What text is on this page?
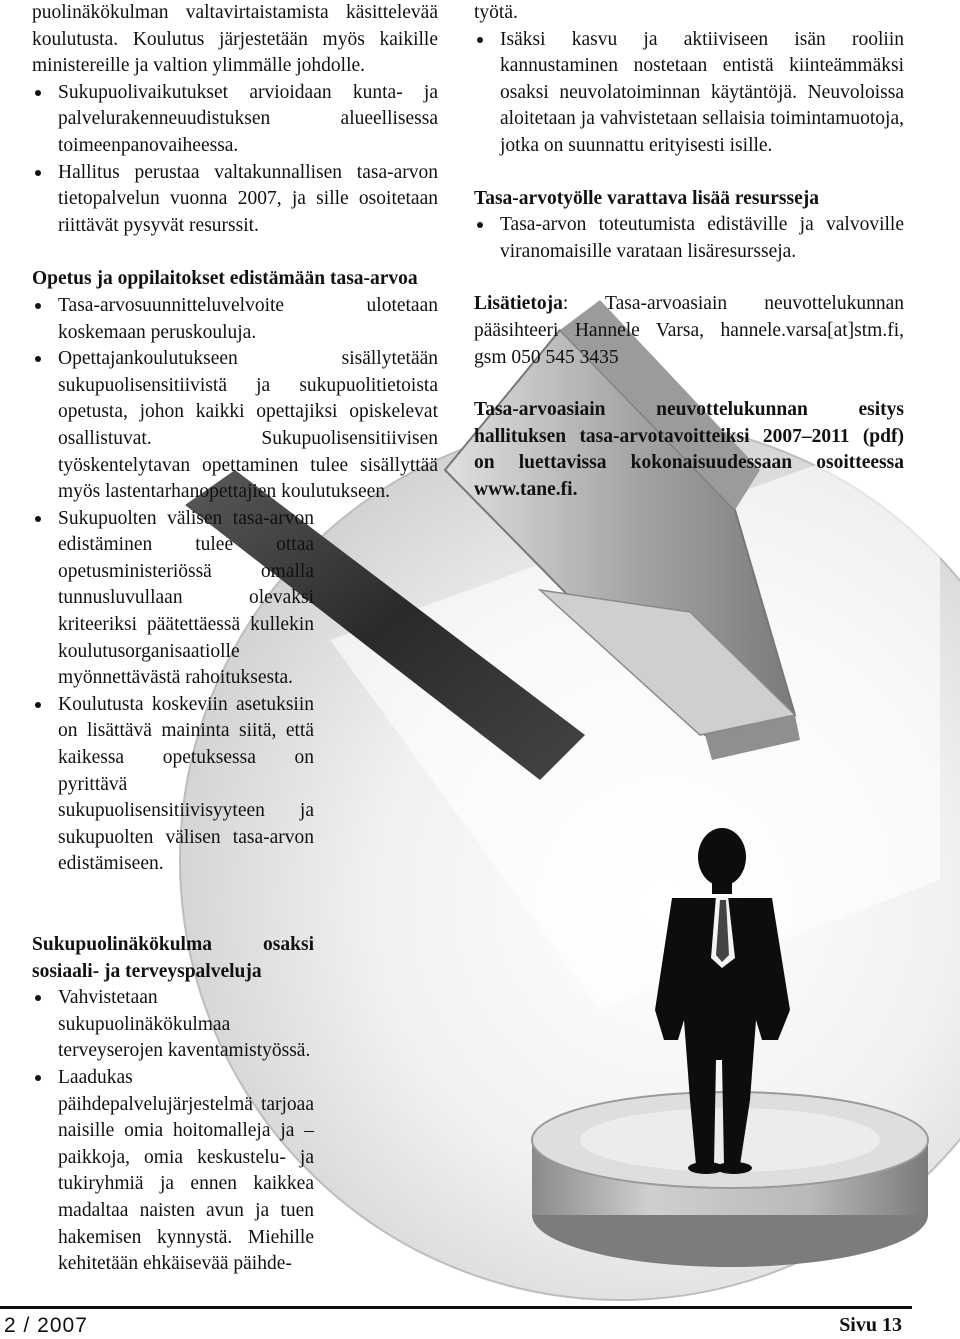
puolinäkökulman valtavirtaistamista käsittelevää koulutusta. Koulutus järjestetään myös kaikille ministereille ja valtion ylimmälle johdolle.

Sukupuolivaikutukset arvioidaan kunta- ja palvelurakenneuudistuksen alueellisessa toimeenpanovaiheessa.
Hallitus perustaa valtakunnallisen tasa-arvon tietopalvelun vuonna 2007, ja sille osoitetaan riittävät pysyvät resurssit.

Opetus ja oppilaitokset edistämään tasa-arvoa

Tasa-arvosuunnitteluvelvoite ulotetaan koskemaan peruskouluja.
Opettajankoulutukseen sisällytetään sukupuolisensitiivistä ja sukupuolitietoista opetusta, johon kaikki opettajiksi opiskelevat osallistuvat. Sukupuolisensitiivisen työskentelytavan opettaminen tulee sisällyttää myös lastentarhanopettajien koulutukseen.
Sukupuolten välisen tasa-arvon edistäminen tulee ottaa opetusministeriössä omalla tunnusluvullaan olevaksi kriteeriksi päätettäessä kullekin koulutusorganisaatiolle myönnettävästä rahoituksesta.
Koulutusta koskeviin asetuksiin on lisättävä maininta siitä, että kaikessa opetuksessa on pyrittävä sukupuolisensitiivisyyteen ja sukupuolten välisen tasa-arvon edistämiseen.

Sukupuolinäkökulma osaksi sosiaali- ja terveyspalveluja

Vahvistetaan sukupuolinäkökulmaa terveyserojen kaventamistyössä.
Laadukas päihdepalvelujärjestelmä tarjoaa naisille omia hoitomalleja ja –paikkoja, omia keskustelu- ja tukiryhmiä ja ennen kaikkea madaltaa naisten avun ja tuen hakemisen kynnystä. Miehille kehitetään ehkäisevää päihde-

työtä.

Isäksi kasvu ja aktiiviseen isän rooliin kannustaminen nostetaan entistä kiinteämmäksi osaksi neuvolatoiminnan käytäntöjä. Neuvoloissa aloitetaan ja vahvistetaan sellaisia toimintamuotoja, jotka on suunnattu erityisesti isille.

Tasa-arvotyölle varattava lisää resursseja

Tasa-arvon toteutumista edistäville ja valvoville viranomaisille varataan lisäresursseja.

Lisätietoja: Tasa-arvoasiain neuvottelukunnan pääsihteeri Hannele Varsa, hannele.varsa[at]stm.fi, gsm 050 545 3435

Tasa-arvoasiain neuvottelukunnan esitys hallituksen tasa-arvotavoitteiksi 2007–2011 (pdf) on luettavissa kokonaisuudessaan osoitteessa www.tane.fi.

2 / 2007	Sivu 13
